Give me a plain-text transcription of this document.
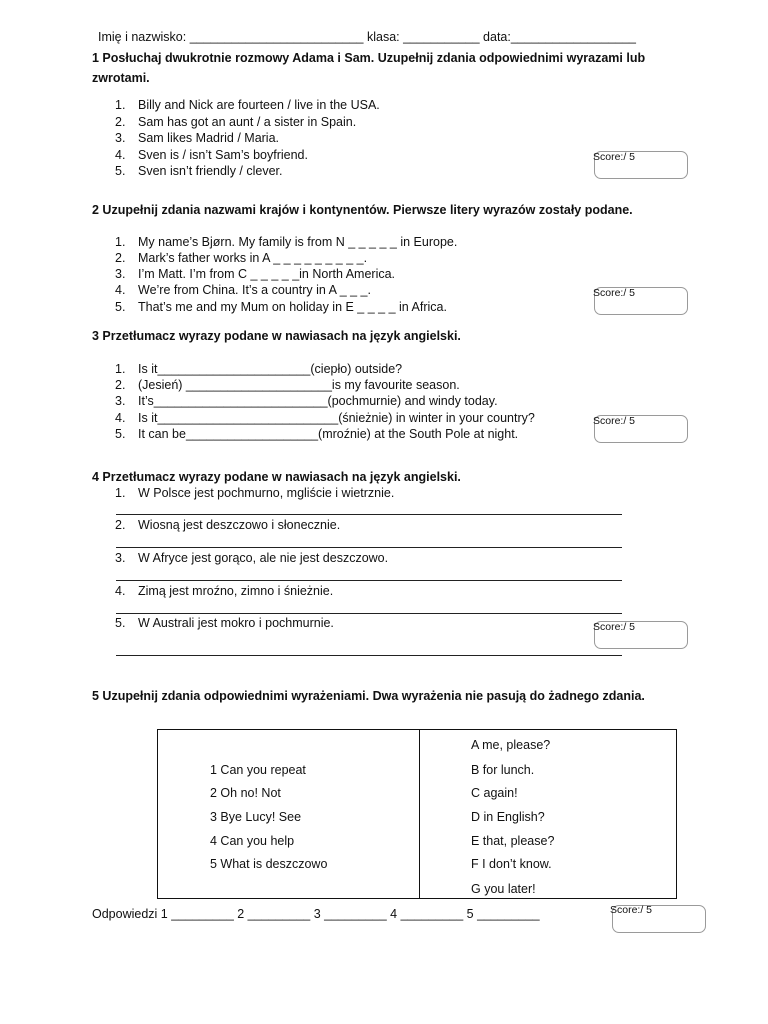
Imię i nazwisko: _________________________ klasa: ___________ data:__________________
1 Posłuchaj dwukrotnie rozmowy Adama i Sam. Uzupełnij zdania odpowiednimi wyrazami lub
zwrotami.
1. Billy and Nick are fourteen / live in the USA.
2. Sam has got an aunt / a sister in Spain.
3. Sam likes Madrid / Maria.
4. Sven is / isn’t Sam’s boyfriend.
5. Sven isn’t friendly / clever.
Score:/ 5
2 Uzupełnij zdania nazwami krajów i kontynentów. Pierwsze litery wyrazów zostały podane.
1. My name’s Bjørn. My family is from N _ _ _ _ _ in Europe.
2. Mark’s father works in A _ _ _ _ _ _ _ _ _.
3. I’m Matt. I’m from C _ _ _ _ _in North America.
4. We’re from China. It’s a country in A _ _ _.
5. That’s me and my Mum on holiday in E _ _ _ _ in Africa.
Score:/ 5
3 Przetłumacz wyrazy podane w nawiasach na język angielski.
1. Is it______________________(ciepło) outside?
2. (Jesień) _____________________is my favourite season.
3. It’s_________________________(pochmurnie) and windy today.
4. Is it__________________________(śnieżnie) in winter in your country?
5. It can be___________________(mroźnie) at the South Pole at night.
Score:/ 5
4 Przetłumacz wyrazy podane w nawiasach na język angielski.
1. W Polsce jest pochmurno, mgliście i wietrznie.
2. Wiosną jest deszczowo i słonecznie.
3. W Afryce jest gorąco, ale nie jest deszczowo.
4. Zimą jest mroźno, zimno i śnieżnie.
5. W Australi jest mokro i pochmurnie.	Score:/ 5
5 Uzupełnij zdania odpowiednimi wyrażeniami. Dwa wyrażenia nie pasują do żadnego zdania.
1 Can you repeat
2 Oh no! Not
3 Bye Lucy! See
4 Can you help
5 What is deszczowo
A me, please?
B for lunch.
C again!
D in English?
E that, please?
F I don’t know.
G you later!
Odpowiedzi 1 _________ 2 _________ 3 _________ 4 _________ 5 _________	Score:/ 5
